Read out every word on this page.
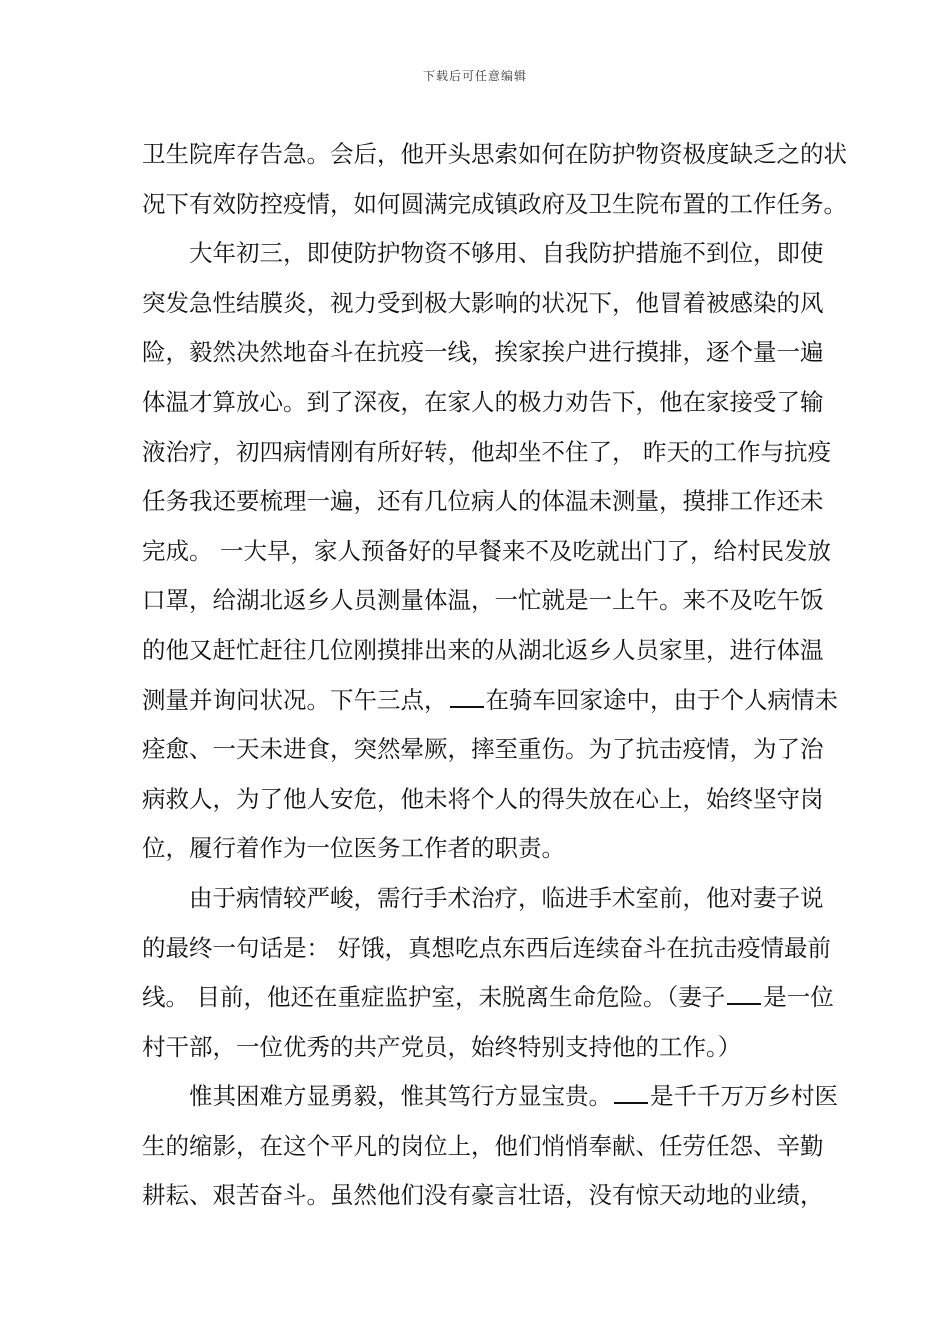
下载后可任意编辑
卫生院库存告急。会后，他开头思索如何在防护物资极度缺乏之的状
况下有效防控疫情，如何圆满完成镇政府及卫生院布置的工作任务。
大年初三，即使防护物资不够用、自我防护措施不到位，即使
突发急性结膜炎，视力受到极大影响的状况下，他冒着被感染的风
险，毅然决然地奋斗在抗疫一线，挨家挨户进行摸排，逐个量一遍
体温才算放心。到了深夜，在家人的极力劝告下，他在家接受了输
液治疗，初四病情刚有所好转，他却坐不住了， 昨天的工作与抗疫
任务我还要梳理一遍，还有几位病人的体温未测量，摸排工作还未
完成。 一大早，家人预备好的早餐来不及吃就出门了，给村民发放
口罩，给湖北返乡人员测量体温，一忙就是一上午。来不及吃午饭
的他又赶忙赶往几位刚摸排出来的从湖北返乡人员家里，进行体温
测量并询问状况。下午三点， 在骑车回家途中，由于个人病情未
痊愈、一天未进食，突然晕厥，摔至重伤。为了抗击疫情，为了治
病救人，为了他人安危，他未将个人的得失放在心上，始终坚守岗
位，履行着作为一位医务工作者的职责。
由于病情较严峻，需行手术治疗，临进手术室前，他对妻子说
的最终一句话是： 好饿，真想吃点东西后连续奋斗在抗击疫情最前
线。 目前，他还在重症监护室，未脱离生命危险。（妻子 是一位
村干部，一位优秀的共产党员，始终特别支持他的工作。）
惟其困难方显勇毅，惟其笃行方显宝贵。 是千千万万乡村医
生的缩影，在这个平凡的岗位上，他们悄悄奉献、任劳任怨、辛勤
耕耘、艰苦奋斗。虽然他们没有豪言壮语，没有惊天动地的业绩，
